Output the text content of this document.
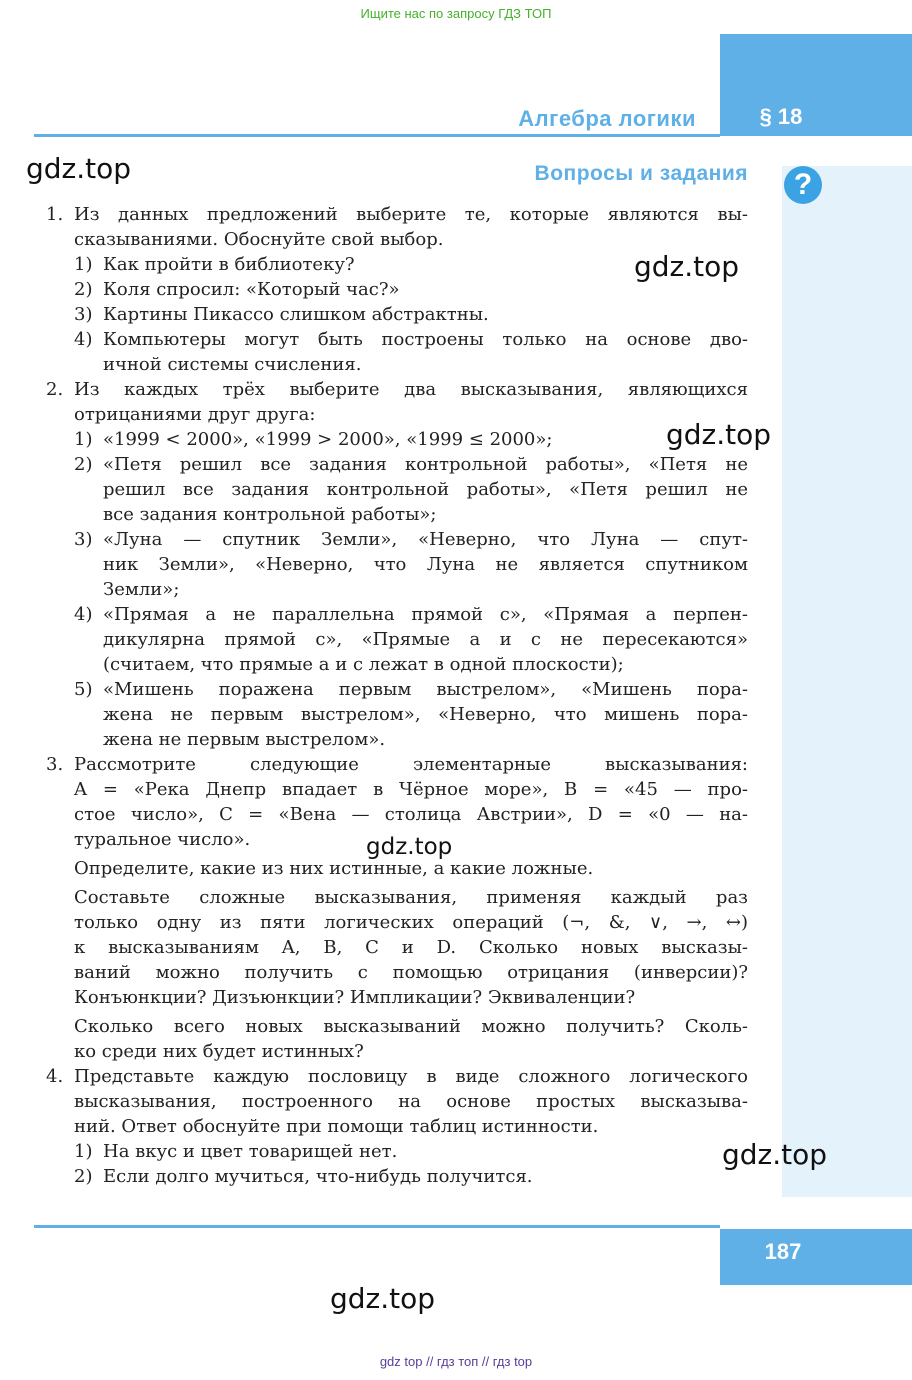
Ищите нас по запросу ГДЗ ТОП
§ 18
Алгебра логики
?
Вопросы и задания
gdz.top
gdz.top
gdz.top
gdz.top
gdz.top
gdz.top
1. Из данных предложений выберите те, которые являются вы-
сказываниями. Обоснуйте свой выбор.
1) Как пройти в библиотеку?
2) Коля спросил: «Который час?»
3) Картины Пикассо слишком абстрактны.
4) Компьютеры могут быть построены только на основе дво-
ичной системы счисления.
2. Из каждых трёх выберите два высказывания, являющихся
отрицаниями друг друга:
1) «1999 < 2000», «1999 > 2000», «1999 ≤ 2000»;
2) «Петя решил все задания контрольной работы», «Петя не
решил все задания контрольной работы», «Петя решил не
все задания контрольной работы»;
3) «Луна — спутник Земли», «Неверно, что Луна — спут-
ник Земли», «Неверно, что Луна не является спутником
Земли»;
4) «Прямая a не параллельна прямой c», «Прямая a перпен-
дикулярна прямой c», «Прямые a и c не пересекаются»
(считаем, что прямые a и c лежат в одной плоскости);
5) «Мишень поражена первым выстрелом», «Мишень пора-
жена не первым выстрелом», «Неверно, что мишень пора-
жена не первым выстрелом».
3. Рассмотрите следующие элементарные высказывания:
A = «Река Днепр впадает в Чёрное море», B = «45 — про-
стое число», C = «Вена — столица Австрии», D = «0 — на-
туральное число».
Определите, какие из них истинные, а какие ложные.
Составьте сложные высказывания, применяя каждый раз
только одну из пяти логических операций (¬, &, ∨, →, ↔)
к высказываниям A, B, C и D. Сколько новых высказы-
ваний можно получить с помощью отрицания (инверсии)?
Конъюнкции? Дизъюнкции? Импликации? Эквиваленции?
Сколько всего новых высказываний можно получить? Сколь-
ко среди них будет истинных?
4. Представьте каждую пословицу в виде сложного логического
высказывания, построенного на основе простых высказыва-
ний. Ответ обоснуйте при помощи таблиц истинности.
1) На вкус и цвет товарищей нет.
2) Если долго мучиться, что-нибудь получится.
187
gdz top // гдз топ // гдз top
